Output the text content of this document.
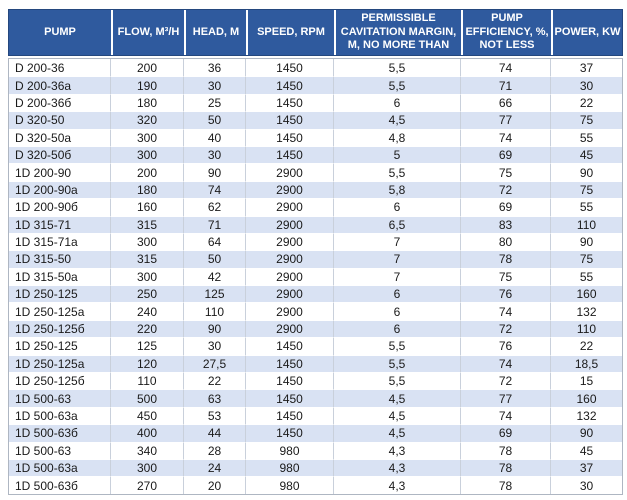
PUMP	FLOW, M³/H	HEAD, M	SPEED, RPM	PERMISSIBLE CAVITATION MARGIN, M, NO MORE THAN	PUMP EFFICIENCY, %, NOT LESS	POWER, KW
D 200-36	200	36	1450	5,5	74	37
D 200-36a	190	30	1450	5,5	71	30
D 200-36б	180	25	1450	6	66	22
D 320-50	320	50	1450	4,5	77	75
D 320-50a	300	40	1450	4,8	74	55
D 320-50б	300	30	1450	5	69	45
1D 200-90	200	90	2900	5,5	75	90
1D 200-90a	180	74	2900	5,8	72	75
1D 200-90б	160	62	2900	6	69	55
1D 315-71	315	71	2900	6,5	83	110
1D 315-71a	300	64	2900	7	80	90
1D 315-50	315	50	2900	7	78	75
1D 315-50a	300	42	2900	7	75	55
1D 250-125	250	125	2900	6	76	160
1D 250-125a	240	110	2900	6	74	132
1D 250-125б	220	90	2900	6	72	110
1D 250-125	125	30	1450	5,5	76	22
1D 250-125a	120	27,5	1450	5,5	74	18,5
1D 250-125б	110	22	1450	5,5	72	15
1D 500-63	500	63	1450	4,5	77	160
1D 500-63a	450	53	1450	4,5	74	132
1D 500-63б	400	44	1450	4,5	69	90
1D 500-63	340	28	980	4,3	78	45
1D 500-63a	300	24	980	4,3	78	37
1D 500-63б	270	20	980	4,3	78	30
